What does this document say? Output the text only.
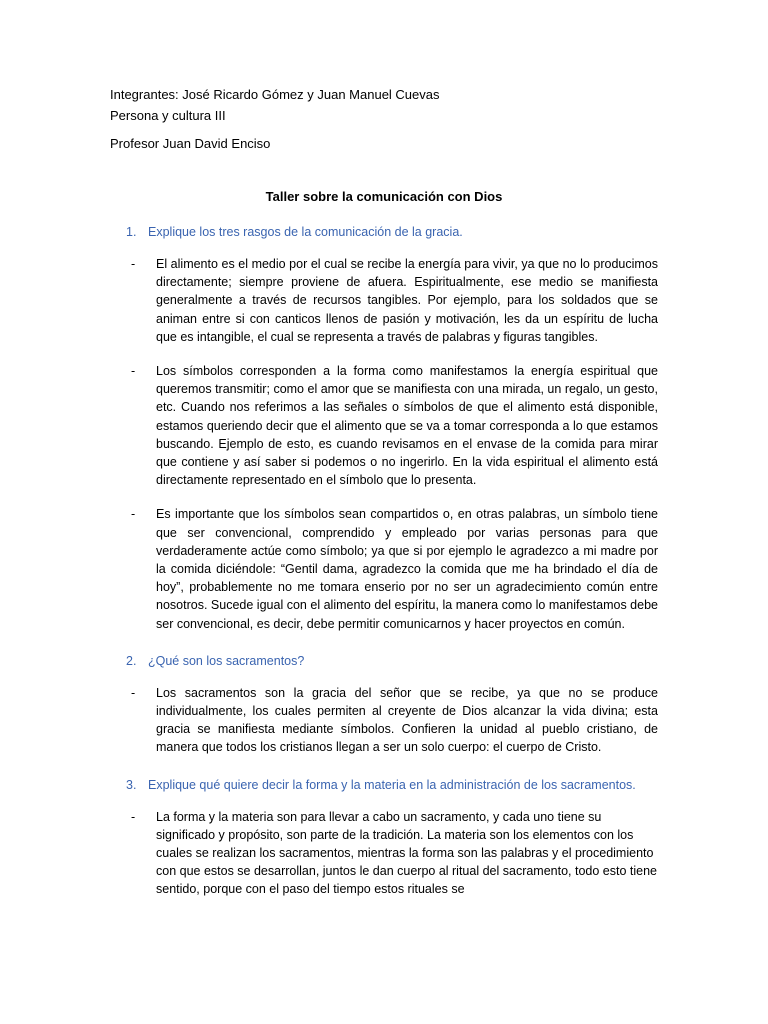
Integrantes: José Ricardo Gómez y Juan Manuel Cuevas
Persona y cultura III
Profesor Juan David Enciso
Taller sobre la comunicación con Dios
1. Explique los tres rasgos de la comunicación de la gracia.
- El alimento es el medio por el cual se recibe la energía para vivir, ya que no lo producimos directamente; siempre proviene de afuera. Espiritualmente, ese medio se manifiesta generalmente a través de recursos tangibles. Por ejemplo, para los soldados que se animan entre si con canticos llenos de pasión y motivación, les da un espíritu de lucha que es intangible, el cual se representa a través de palabras y figuras tangibles.
- Los símbolos corresponden a la forma como manifestamos la energía espiritual que queremos transmitir; como el amor que se manifiesta con una mirada, un regalo, un gesto, etc. Cuando nos referimos a las señales o símbolos de que el alimento está disponible, estamos queriendo decir que el alimento que se va a tomar corresponda a lo que estamos buscando. Ejemplo de esto, es cuando revisamos en el envase de la comida para mirar que contiene y así saber si podemos o no ingerirlo. En la vida espiritual el alimento está directamente representado en el símbolo que lo presenta.
- Es importante que los símbolos sean compartidos o, en otras palabras, un símbolo tiene que ser convencional, comprendido y empleado por varias personas para que verdaderamente actúe como símbolo; ya que si por ejemplo le agradezco a mi madre por la comida diciéndole: “Gentil dama, agradezco la comida que me ha brindado el día de hoy”, probablemente no me tomara enserio por no ser un agradecimiento común entre nosotros. Sucede igual con el alimento del espíritu, la manera como lo manifestamos debe ser convencional, es decir, debe permitir comunicarnos y hacer proyectos en común.
2. ¿Qué son los sacramentos?
- Los sacramentos son la gracia del señor que se recibe, ya que no se produce individualmente, los cuales permiten al creyente de Dios alcanzar la vida divina; esta gracia se manifiesta mediante símbolos. Confieren la unidad al pueblo cristiano, de manera que todos los cristianos llegan a ser un solo cuerpo: el cuerpo de Cristo.
3. Explique qué quiere decir la forma y la materia en la administración de los sacramentos.
- La forma y la materia son para llevar a cabo un sacramento, y cada uno tiene su significado y propósito, son parte de la tradición. La materia son los elementos con los cuales se realizan los sacramentos, mientras la forma son las palabras y el procedimiento con que estos se desarrollan, juntos le dan cuerpo al ritual del sacramento, todo esto tiene sentido, porque con el paso del tiempo estos rituales se
